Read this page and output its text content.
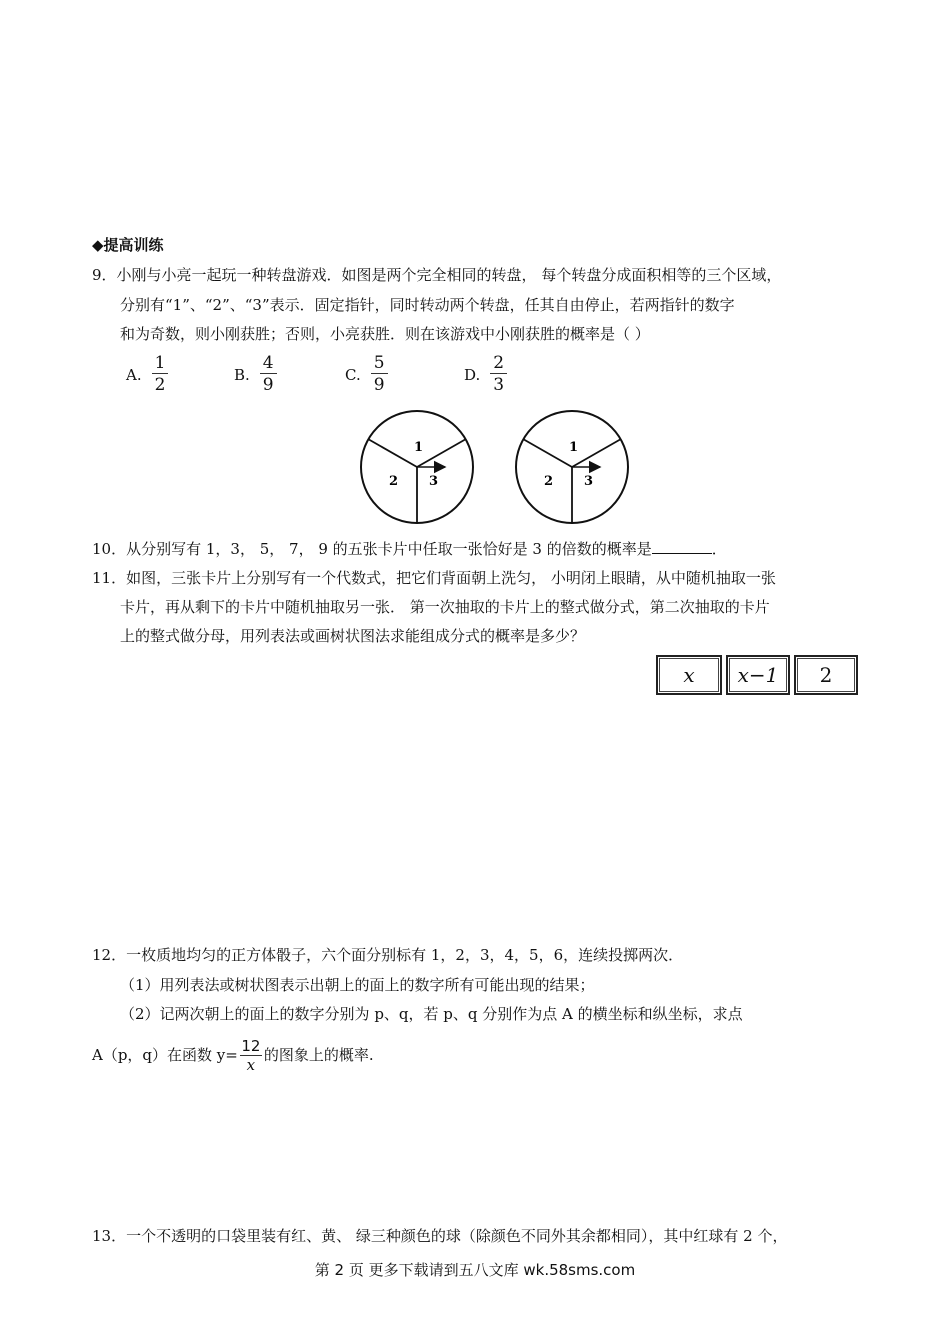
◆提高训练
9．小刚与小亮一起玩一种转盘游戏．如图是两个完全相同的转盘， 每个转盘分成面积相等的三个区域，
分别有“1”、“2”、“3”表示．固定指针，同时转动两个转盘，任其自由停止，若两指针的数字
和为奇数，则小刚获胜；否则，小亮获胜．则在该游戏中小刚获胜的概率是（ ）
A. $\frac{1}{2}$	B. $\frac{4}{9}$	C. $\frac{5}{9}$	D. $\frac{2}{3}$
1
2 3
1
2 3
10．从分别写有 1，3， 5， 7， 9 的五张卡片中任取一张恰好是 3 的倍数的概率是	．
11．如图，三张卡片上分别写有一个代数式，把它们背面朝上洗匀， 小明闭上眼睛，从中随机抽取一张
卡片，再从剩下的卡片中随机抽取另一张． 第一次抽取的卡片上的整式做分式，第二次抽取的卡片
上的整式做分母，用列表法或画树状图法求能组成分式的概率是多少？
x	x−1	2
12．一枚质地均匀的正方体骰子，六个面分别标有 1，2，3，4，5，6，连续投掷两次．
（1）用列表法或树状图表示出朝上的面上的数字所有可能出现的结果；
（2）记两次朝上的面上的数字分别为 p、q，若 p、q 分别作为点 A 的横坐标和纵坐标，求点
A（p，q）在函数 $y= \frac{12}{x}$ 的图象上的概率.
13．一个不透明的口袋里装有红、黄、 绿三种颜色的球（除颜色不同外其余都相同），其中红球有 2 个，
第 2 页 更多下载请到五八文库 wk.58sms.com
